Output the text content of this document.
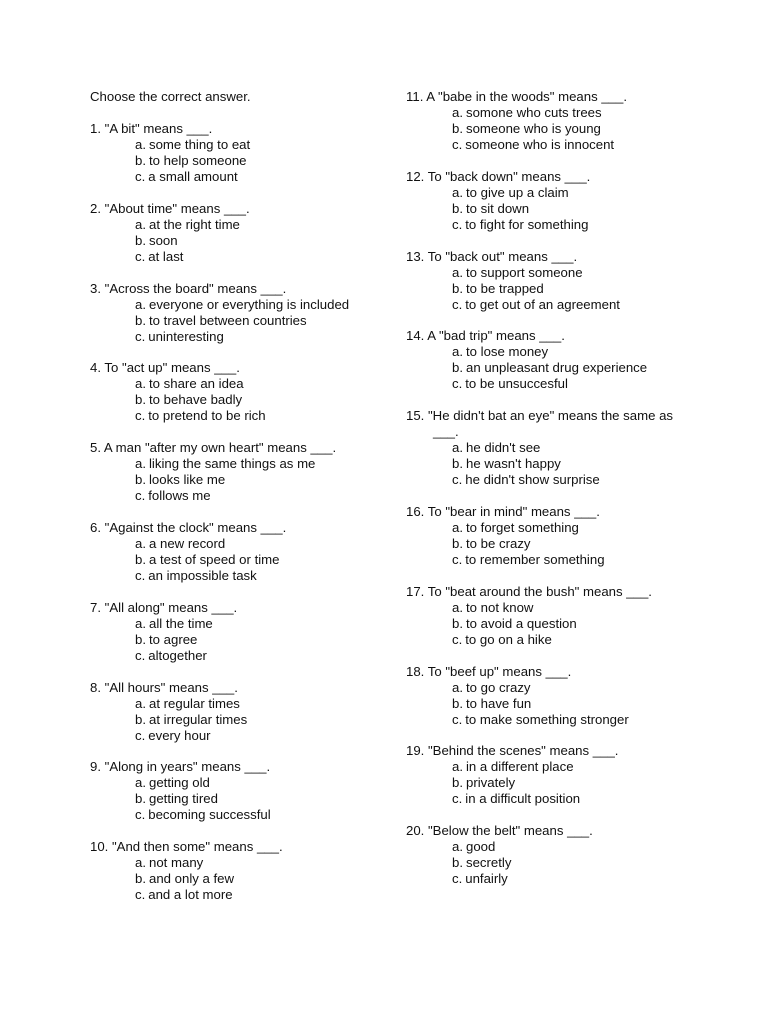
Choose the correct answer.
1. "A bit" means ___.
a. some thing to eat
b. to help someone
c. a small amount
2. "About time" means ___.
a. at the right time
b. soon
c. at last
3. "Across the board" means ___.
a. everyone or everything is included
b. to travel between countries
c. uninteresting
4. To "act up" means ___.
a. to share an idea
b. to behave badly
c. to pretend to be rich
5. A man "after my own heart" means ___.
a. liking the same things as me
b. looks like me
c. follows me
6. "Against the clock" means ___.
a. a new record
b. a test of speed or time
c. an impossible task
7. "All along" means ___.
a. all the time
b. to agree
c. altogether
8. "All hours" means ___.
a. at regular times
b. at irregular times
c. every hour
9. "Along in years" means ___.
a. getting old
b. getting tired
c. becoming successful
10. "And then some" means ___.
a. not many
b. and only a few
c. and a lot more
11. A "babe in the woods" means ___.
a. somone who cuts trees
b. someone who is young
c. someone who is innocent
12. To "back down" means ___.
a. to give up a claim
b. to sit down
c. to fight for something
13. To "back out" means ___.
a. to support someone
b. to be trapped
c. to get out of an agreement
14. A "bad trip" means ___.
a. to lose money
b. an unpleasant drug experience
c. to be unsuccesful
15. "He didn't bat an eye" means the same as ___.
a. he didn't see
b. he wasn't happy
c. he didn't show surprise
16. To "bear in mind" means ___.
a. to forget something
b. to be crazy
c. to remember something
17. To "beat around the bush" means ___.
a. to not know
b. to avoid a question
c. to go on a hike
18. To "beef up" means ___.
a. to go crazy
b. to have fun
c. to make something stronger
19. "Behind the scenes" means ___.
a. in a different place
b. privately
c. in a difficult position
20. "Below the belt" means ___.
a. good
b. secretly
c. unfairly
